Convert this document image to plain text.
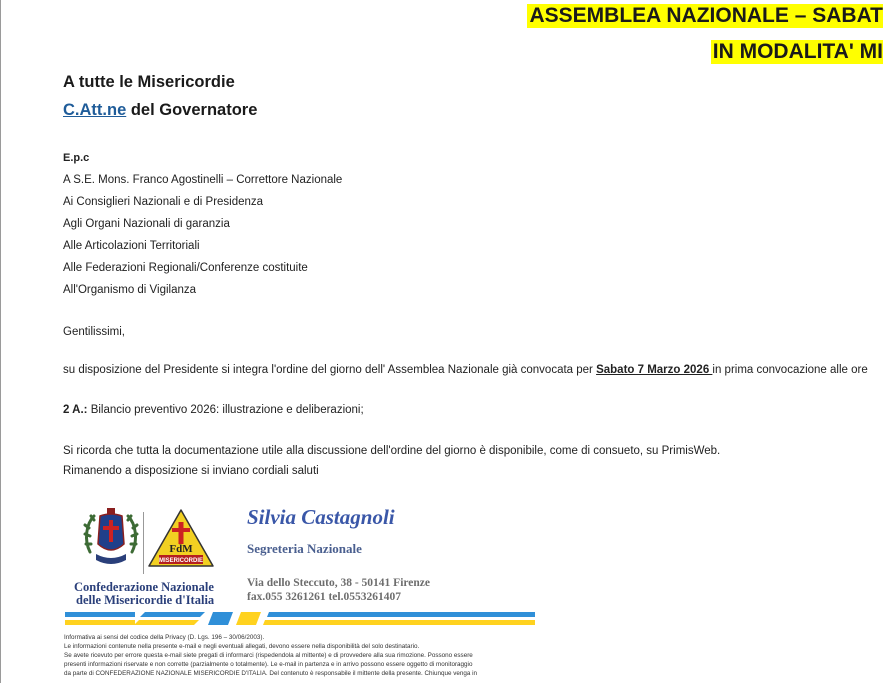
ASSEMBLEA NAZIONALE – SABAT
IN MODALITA' MI
A tutte le Misericordie
C.Att.ne del Governatore
E.p.c
A S.E. Mons. Franco Agostinelli – Correttore Nazionale
Ai Consiglieri Nazionali e di Presidenza
Agli Organi Nazionali di garanzia
Alle Articolazioni Territoriali
Alle Federazioni Regionali/Conferenze costituite
All'Organismo di Vigilanza
Gentilissimi,
su disposizione del Presidente si integra l'ordine del giorno dell' Assemblea Nazionale già convocata per Sabato 7 Marzo 2026 in prima convocazione alle ore
2 A.: Bilancio preventivo 2026: illustrazione e deliberazioni;
Si ricorda che tutta la documentazione utile alla discussione dell'ordine del giorno è disponibile, come di consueto, su PrimisWeb.
Rimanendo a disposizione si inviano cordiali saluti
FdM
MISERICORDIE
Confederazione Nazionale
delle Misericordie d'Italia
Silvia Castagnoli
Segreteria Nazionale
Via dello Steccuto, 38 - 50141 Firenze
fax.055 3261261 tel.0553261407
Informativa ai sensi del codice della Privacy (D. Lgs. 196 – 30/06/2003).
Le informazioni contenute nella presente e-mail e negli eventuali allegati, devono essere nella disponibilità del solo destinatario.
Se avete ricevuto per errore questa e-mail siete pregati di informarci (rispedendola al mittente) e di provvedere alla sua rimozione. Possono essere
presenti informazioni riservate e non corrette (parzialmente o totalmente). Le e-mail in partenza e in arrivo possono essere oggetto di monitoraggio
da parte di CONFEDERAZIONE NAZIONALE MISERICORDIE D'ITALIA. Del contenuto è responsabile il mittente della presente. Chiunque venga in
